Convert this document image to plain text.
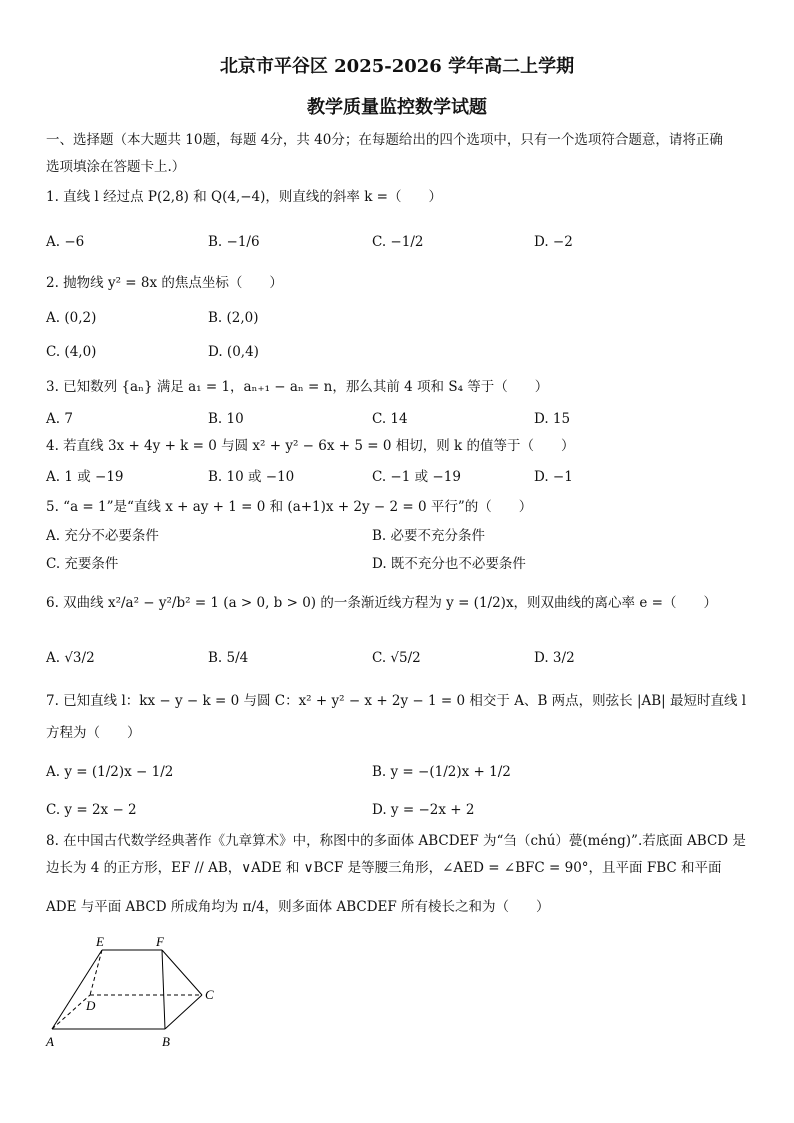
北京市平谷区 2025-2026 学年高二上学期
教学质量监控数学试题
一、选择题（本大题共 10题，每题 4分，共 40分；在每题给出的四个选项中，只有一个选项符合题意，请将正确
选项填涂在答题卡上.）
1. 直线 l 经过点 P(2,8) 和 Q(4,−4)，则直线的斜率 k =（　　）
A. −6	B. −1/6	C. −1/2	D. −2
2. 抛物线 y² = 8x 的焦点坐标（　　）
A. (0,2)	B. (2,0)
C. (4,0)	D. (0,4)
3. 已知数列 {aₙ} 满足 a₁ = 1，aₙ₊₁ − aₙ = n，那么其前 4 项和 S₄ 等于（　　）
A. 7	B. 10	C. 14	D. 15
4. 若直线 3x + 4y + k = 0 与圆 x² + y² − 6x + 5 = 0 相切，则 k 的值等于（　　）
A. 1 或 −19	B. 10 或 −10	C. −1 或 −19	D. −1
5. “a = 1”是“直线 x + ay + 1 = 0 和 (a+1)x + 2y − 2 = 0 平行”的（　　）
A. 充分不必要条件	B. 必要不充分条件
C. 充要条件	D. 既不充分也不必要条件
6. 双曲线 x²/a² − y²/b² = 1 (a > 0, b > 0) 的一条渐近线方程为 y = (1/2)x，则双曲线的离心率 e =（　　）
A. √3/2	B. 5/4	C. √5/2	D. 3/2
7. 已知直线 l：kx − y − k = 0 与圆 C：x² + y² − x + 2y − 1 = 0 相交于 A、B 两点，则弦长 |AB| 最短时直线 l
方程为（　　）
A. y = (1/2)x − 1/2	B. y = −(1/2)x + 1/2
C. y = 2x − 2	D. y = −2x + 2
8. 在中国古代数学经典著作《九章算术》中，称图中的多面体 ABCDEF 为“刍（chú）甍(méng)”.若底面 ABCD 是
边长为 4 的正方形，EF // AB，∨ADE 和 ∨BCF 是等腰三角形，∠AED = ∠BFC = 90°，且平面 FBC 和平面
ADE 与平面 ABCD 所成角均为 π/4，则多面体 ABCDEF 所有棱长之和为（　　）
E	F
D
C
A	B
